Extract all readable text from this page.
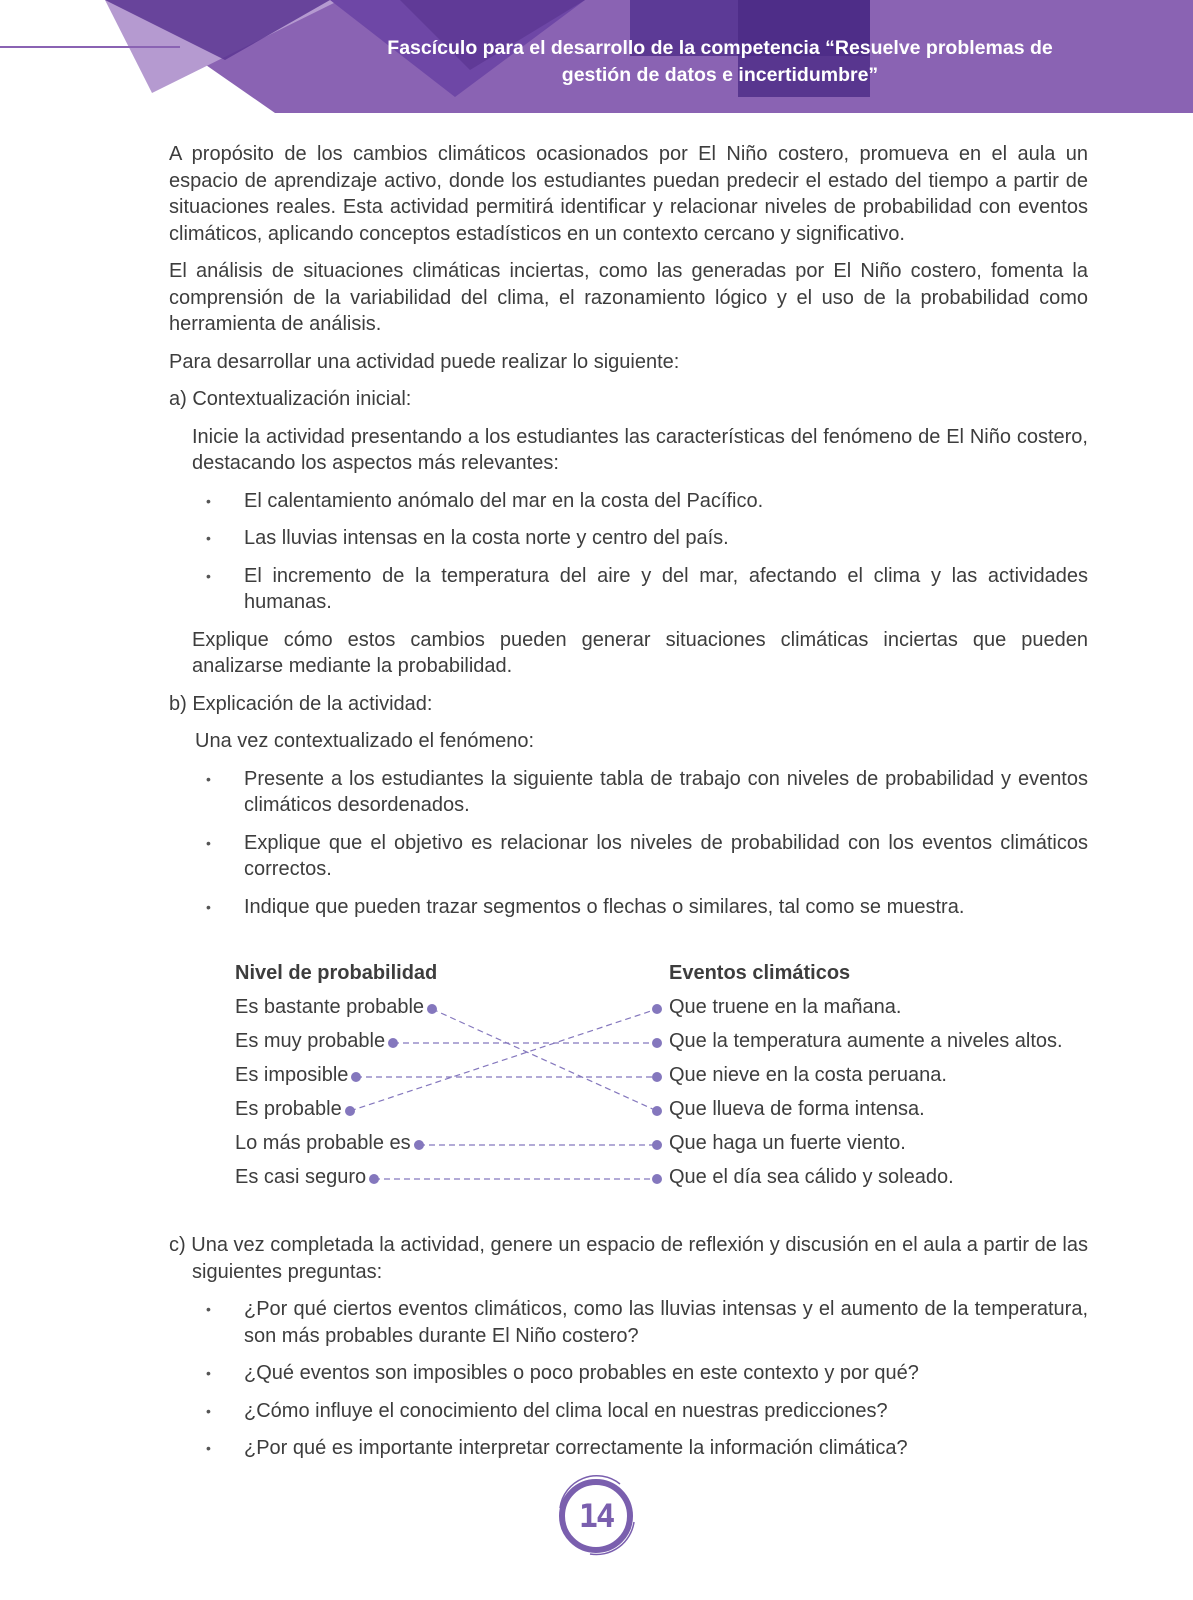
Fascículo para el desarrollo de la competencia “Resuelve problemas de
gestión de datos e incertidumbre”

A propósito de los cambios climáticos ocasionados por El Niño costero, promueva en el aula un espacio de aprendizaje activo, donde los estudiantes puedan predecir el estado del tiempo a partir de situaciones reales. Esta actividad permitirá identificar y relacionar niveles de probabilidad con eventos climáticos, aplicando conceptos estadísticos en un contexto cercano y significativo.

El análisis de situaciones climáticas inciertas, como las generadas por El Niño costero, fomenta la comprensión de la variabilidad del clima, el razonamiento lógico y el uso de la probabilidad como herramienta de análisis.

Para desarrollar una actividad puede realizar lo siguiente:

a) Contextualización inicial:

Inicie la actividad presentando a los estudiantes las características del fenómeno de El Niño costero, destacando los aspectos más relevantes:

• El calentamiento anómalo del mar en la costa del Pacífico.
• Las lluvias intensas en la costa norte y centro del país.
• El incremento de la temperatura del aire y del mar, afectando el clima y las actividades humanas.

Explique cómo estos cambios pueden generar situaciones climáticas inciertas que pueden analizarse mediante la probabilidad.

b) Explicación de la actividad:

Una vez contextualizado el fenómeno:

• Presente a los estudiantes la siguiente tabla de trabajo con niveles de probabilidad y eventos climáticos desordenados.
• Explique que el objetivo es relacionar los niveles de probabilidad con los eventos climáticos correctos.
• Indique que pueden trazar segmentos o flechas o similares, tal como se muestra.
Nivel de probabilidad	Eventos climáticos
Es bastante probable
Es muy probable
Es imposible
Es probable
Lo más probable es
Es casi seguro
Que truene en la mañana.
Que la temperatura aumente a niveles altos.
Que nieve en la costa peruana.
Que llueva de forma intensa.
Que haga un fuerte viento.
Que el día sea cálido y soleado.

c) Una vez completada la actividad, genere un espacio de reflexión y discusión en el aula a partir de las siguientes preguntas:

• ¿Por qué ciertos eventos climáticos, como las lluvias intensas y el aumento de la temperatura, son más probables durante El Niño costero?
• ¿Qué eventos son imposibles o poco probables en este contexto y por qué?
• ¿Cómo influye el conocimiento del clima local en nuestras predicciones?
• ¿Por qué es importante interpretar correctamente la información climática?
14
